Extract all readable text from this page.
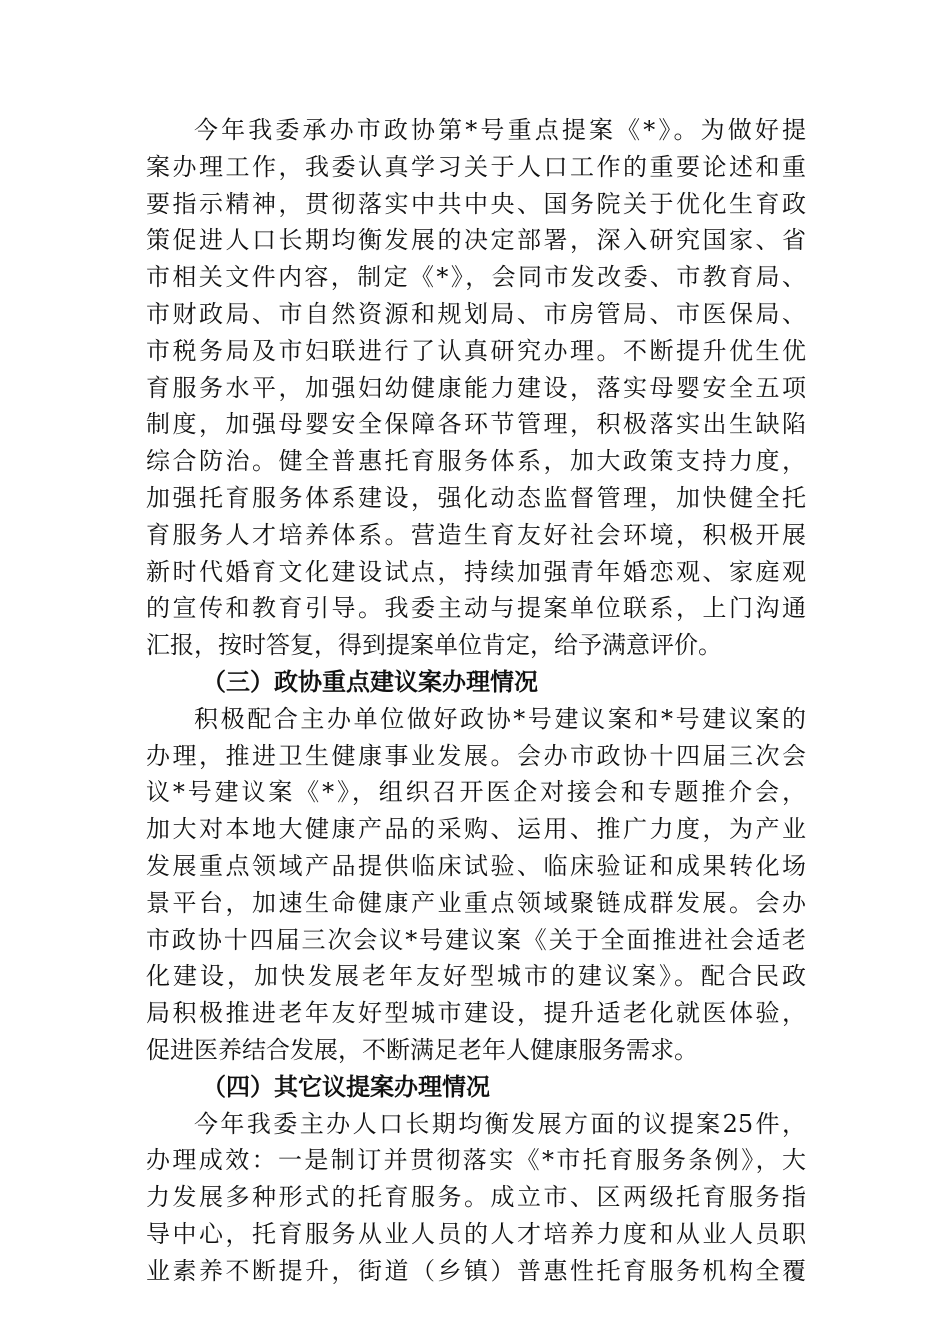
今年我委承办市政协第*号重点提案《*》。为做好提
案办理工作，我委认真学习关于人口工作的重要论述和重
要指示精神，贯彻落实中共中央、国务院关于优化生育政
策促进人口长期均衡发展的决定部署，深入研究国家、省
市相关文件内容，制定《*》，会同市发改委、市教育局、
市财政局、市自然资源和规划局、市房管局、市医保局、
市税务局及市妇联进行了认真研究办理。不断提升优生优
育服务水平，加强妇幼健康能力建设，落实母婴安全五项
制度，加强母婴安全保障各环节管理，积极落实出生缺陷
综合防治。健全普惠托育服务体系，加大政策支持力度，
加强托育服务体系建设，强化动态监督管理，加快健全托
育服务人才培养体系。营造生育友好社会环境，积极开展
新时代婚育文化建设试点，持续加强青年婚恋观、家庭观
的宣传和教育引导。我委主动与提案单位联系，上门沟通
汇报，按时答复，得到提案单位肯定，给予满意评价。
（三）政协重点建议案办理情况
积极配合主办单位做好政协*号建议案和*号建议案的
办理，推进卫生健康事业发展。会办市政协十四届三次会
议*号建议案《*》，组织召开医企对接会和专题推介会，
加大对本地大健康产品的采购、运用、推广力度，为产业
发展重点领域产品提供临床试验、临床验证和成果转化场
景平台，加速生命健康产业重点领域聚链成群发展。会办
市政协十四届三次会议*号建议案《关于全面推进社会适老
化建设，加快发展老年友好型城市的建议案》。配合民政
局积极推进老年友好型城市建设，提升适老化就医体验，
促进医养结合发展，不断满足老年人健康服务需求。
（四）其它议提案办理情况
今年我委主办人口长期均衡发展方面的议提案25件，
办理成效：一是制订并贯彻落实《*市托育服务条例》，大
力发展多种形式的托育服务。成立市、区两级托育服务指
导中心，托育服务从业人员的人才培养力度和从业人员职
业素养不断提升，街道（乡镇）普惠性托育服务机构全覆
